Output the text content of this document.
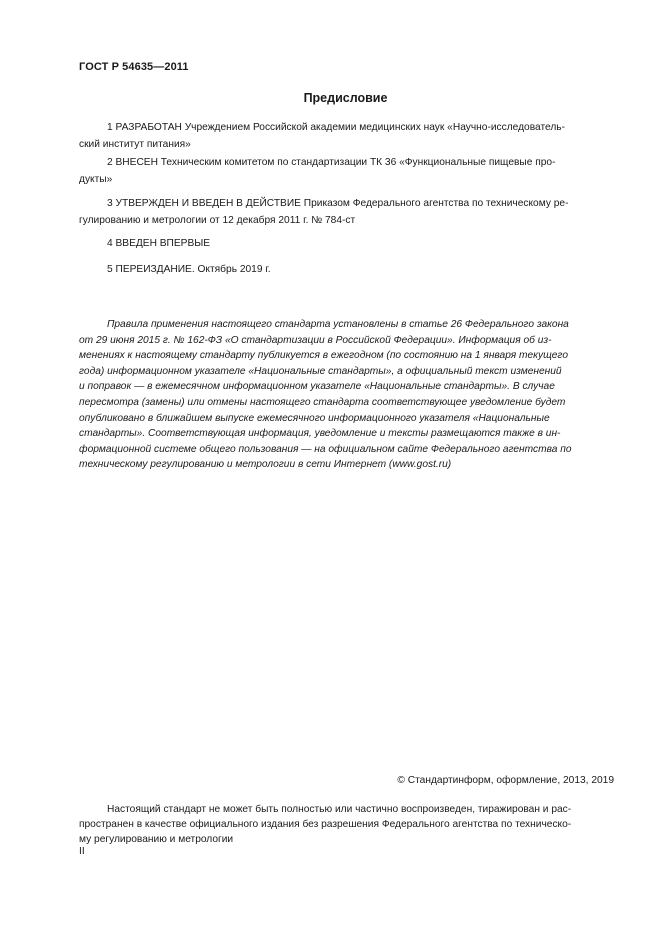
ГОСТ Р 54635—2011
Предисловие
1 РАЗРАБОТАН Учреждением Российской академии медицинских наук «Научно-исследователь-
ский институт питания»
2 ВНЕСЕН Техническим комитетом по стандартизации ТК 36 «Функциональные пищевые про-
дукты»
3 УТВЕРЖДЕН И ВВЕДЕН В ДЕЙСТВИЕ Приказом Федерального агентства по техническому ре-
гулированию и метрологии от 12 декабря 2011 г. № 784-ст
4 ВВЕДЕН ВПЕРВЫЕ
5 ПЕРЕИЗДАНИЕ. Октябрь 2019 г.
Правила применения настоящего стандарта установлены в статье 26 Федерального закона
от 29 июня 2015 г. № 162-ФЗ «О стандартизации в Российской Федерации». Информация об из-
менениях к настоящему стандарту публикуется в ежегодном (по состоянию на 1 января текущего
года) информационном указателе «Национальные стандарты», а официальный текст изменений
и поправок — в ежемесячном информационном указателе «Национальные стандарты». В случае
пересмотра (замены) или отмены настоящего стандарта соответствующее уведомление будет
опубликовано в ближайшем выпуске ежемесячного информационного указателя «Национальные
стандарты». Соответствующая информация, уведомление и тексты размещаются также в ин-
формационной системе общего пользования — на официальном сайте Федерального агентства по
техническому регулированию и метрологии в сети Интернет (www.gost.ru)
© Стандартинформ, оформление, 2013, 2019
Настоящий стандарт не может быть полностью или частично воспроизведен, тиражирован и рас-
пространен в качестве официального издания без разрешения Федерального агентства по техническо-
му регулированию и метрологии
II
